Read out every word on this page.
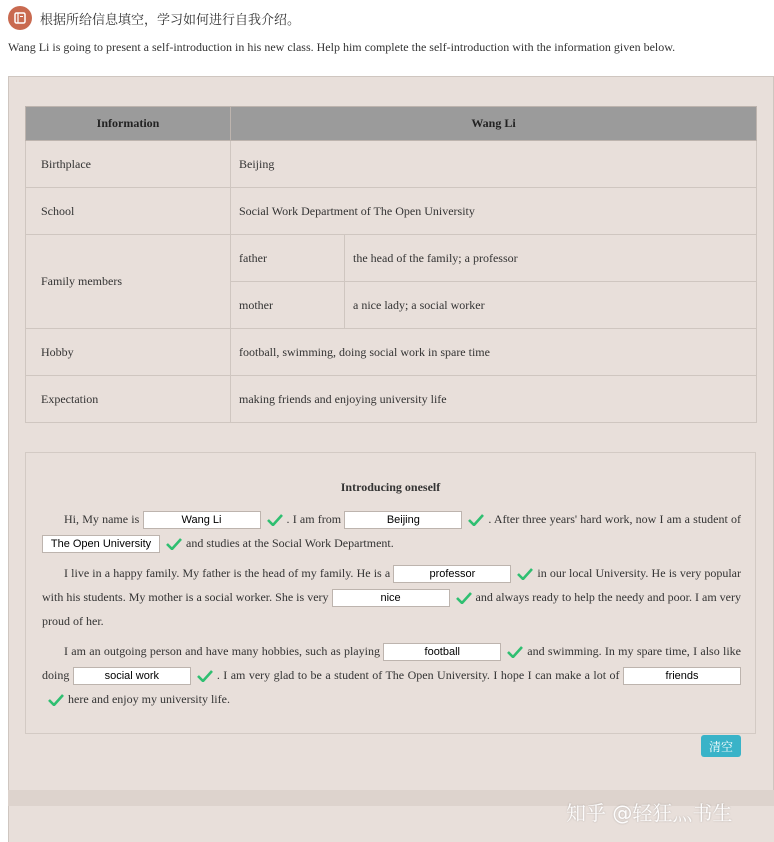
根据所给信息填空，学习如何进行自我介绍。
Wang Li is going to present a self-introduction in his new class. Help him complete the self-introduction with the information given below.
Information	Wang Li	
Birthplace	Beijing	
School	Social Work Department of The Open University	
Family members	father	the head of the family; a professor
	mother	a nice lady; a social worker
Hobby	football, swimming, doing social work in spare time	
Expectation	making friends and enjoying university life	
Introducing oneself
Hi, My name is Wang Li	. I am from Beijing	. After three years' hard work, now I am a student of The Open Universityand studies at the Social Work Department.
I live in a happy family. My father is the head of my family. He is a professor	in our local University. He is very popular with his students. My mother is a social worker. She is very nice	and always ready to help the needy and poor. I am very proud of her.
I am an outgoing person and have many hobbies, such as playing football	and swimming. In my spare time, I also like doing social work	. I am very glad to be a student of The Open University. I hope I can make a lot of friendshere and enjoy my university life.
清空
知乎 @轻狂灬书生
